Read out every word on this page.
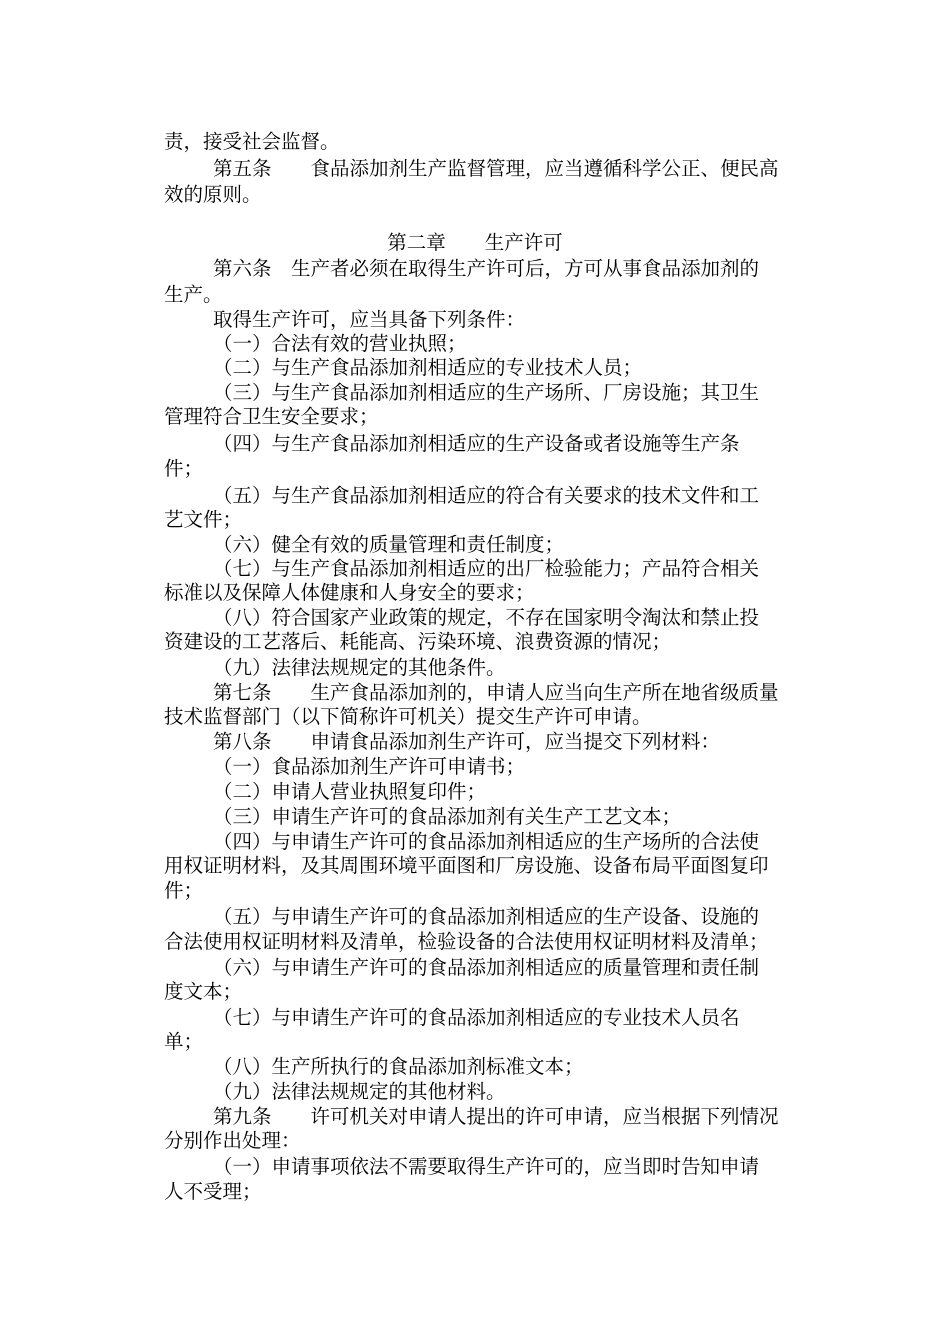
责，接受社会监督。
第五条　　食品添加剂生产监督管理，应当遵循科学公正、便民高
效的原则。
第二章　　生产许可
第六条　生产者必须在取得生产许可后，方可从事食品添加剂的
生产。
取得生产许可，应当具备下列条件：
（一）合法有效的营业执照；
（二）与生产食品添加剂相适应的专业技术人员；
（三）与生产食品添加剂相适应的生产场所、厂房设施；其卫生
管理符合卫生安全要求；
（四）与生产食品添加剂相适应的生产设备或者设施等生产条
件；
（五）与生产食品添加剂相适应的符合有关要求的技术文件和工
艺文件；
（六）健全有效的质量管理和责任制度；
（七）与生产食品添加剂相适应的出厂检验能力；产品符合相关
标准以及保障人体健康和人身安全的要求；
（八）符合国家产业政策的规定，不存在国家明令淘汰和禁止投
资建设的工艺落后、耗能高、污染环境、浪费资源的情况；
（九）法律法规规定的其他条件。
第七条　　生产食品添加剂的，申请人应当向生产所在地省级质量
技术监督部门（以下简称许可机关）提交生产许可申请。
第八条　　申请食品添加剂生产许可，应当提交下列材料：
（一）食品添加剂生产许可申请书；
（二）申请人营业执照复印件；
（三）申请生产许可的食品添加剂有关生产工艺文本；
（四）与申请生产许可的食品添加剂相适应的生产场所的合法使
用权证明材料，及其周围环境平面图和厂房设施、设备布局平面图复印
件；
（五）与申请生产许可的食品添加剂相适应的生产设备、设施的
合法使用权证明材料及清单，检验设备的合法使用权证明材料及清单；
（六）与申请生产许可的食品添加剂相适应的质量管理和责任制
度文本；
（七）与申请生产许可的食品添加剂相适应的专业技术人员名
单；
（八）生产所执行的食品添加剂标准文本；
（九）法律法规规定的其他材料。
第九条　　许可机关对申请人提出的许可申请，应当根据下列情况
分别作出处理：
（一）申请事项依法不需要取得生产许可的，应当即时告知申请
人不受理；
